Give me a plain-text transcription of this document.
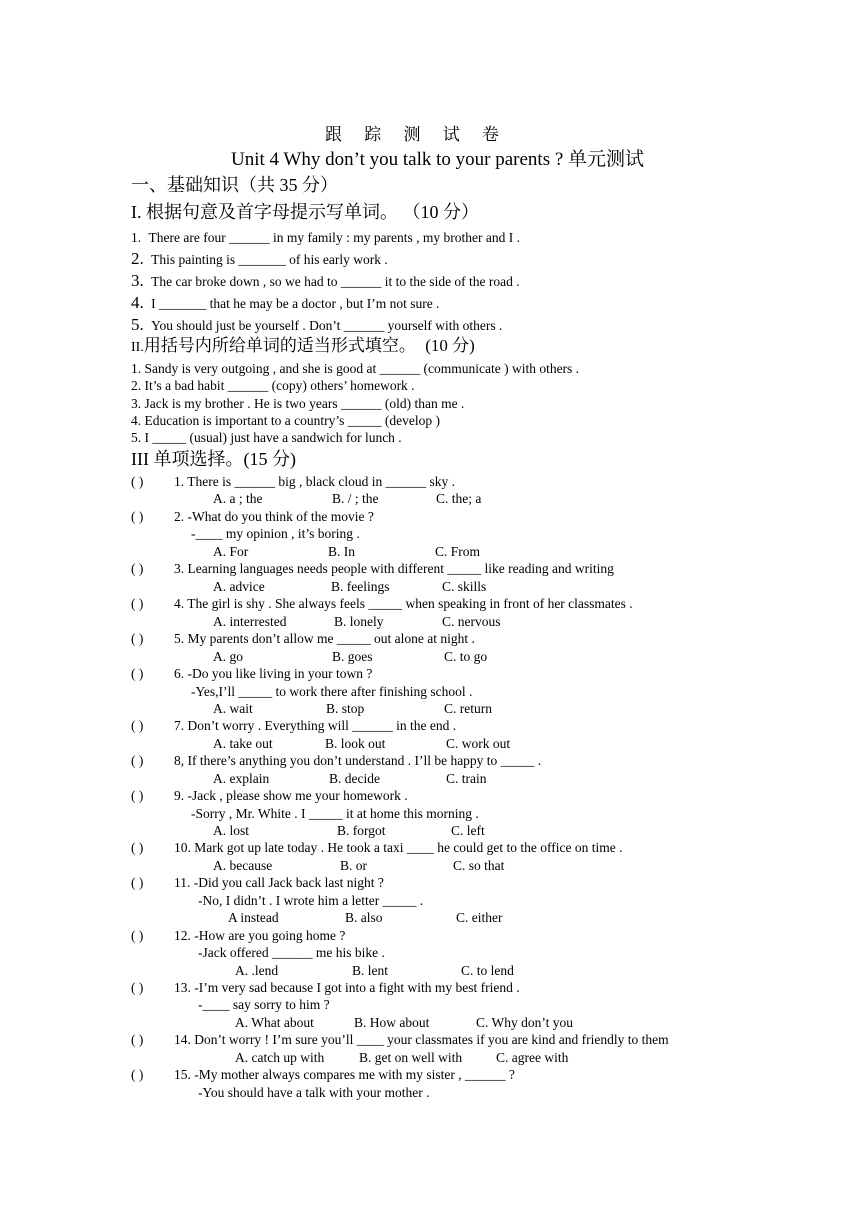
跟 踪 测 试 卷
Unit 4 Why don’t you talk to your parents ? 单元测试
一、基础知识（共 35 分）
I. 根据句意及首字母提示写单词。 （10 分）
1. There are four ______ in my family : my parents , my brother and I .
2. This painting is _______ of his early work .
3. The car broke down , so we had to ______ it to the side of the road .
4. I _______ that he may be a doctor , but I’m not sure .
5. You should just be yourself . Don’t ______ yourself with others .
II.用括号内所给单词的适当形式填空。 (10 分)
1. Sandy is very outgoing , and she is good at ______ (communicate ) with others .
2. It’s a bad habit ______ (copy) others’ homework .
3. Jack is my brother . He is two years ______ (old) than me .
4. Education is important to a country’s _____ (develop )
5. I _____ (usual) just have a sandwich for lunch .
III 单项选择。(15 分)
( ) 1. There is ______ big , black cloud in ______ sky .
A. a ; the	B. / ; the	C. the; a
( ) 2. -What do you think of the movie ?
-____ my opinion , it’s boring .
A. For	B. In	C. From
( ) 3. Learning languages needs people with different _____ like reading and writing
A. advice	B. feelings	C. skills
( ) 4. The girl is shy . She always feels _____ when speaking in front of her classmates .
A. interrested	B. lonely	C. nervous
( ) 5. My parents don’t allow me _____ out alone at night .
A. go	B. goes	C. to go
( ) 6. -Do you like living in your town ?
-Yes,I’ll _____ to work there after finishing school .
A. wait	B. stop	C. return
( ) 7. Don’t worry . Everything will ______ in the end .
A. take out	B. look out	C. work out
( ) 8, If there’s anything you don’t understand . I’ll be happy to _____ .
A. explain	B. decide	C. train
( ) 9. -Jack , please show me your homework .
-Sorry , Mr. White . I _____ it at home this morning .
A. lost	B. forgot	C. left
( ) 10. Mark got up late today . He took a taxi ____ he could get to the office on time .
A. because	B. or	C. so that
( ) 11. -Did you call Jack back last night ?
-No, I didn’t . I wrote him a letter _____ .
A instead	B. also	C. either
( ) 12. -How are you going home ?
-Jack offered ______ me his bike .
A. .lend	B. lent	C. to lend
( ) 13. -I’m very sad because I got into a fight with my best friend .
-____ say sorry to him ?
A. What about	B. How about	C. Why don’t you
( ) 14. Don’t worry ! I’m sure you’ll ____ your classmates if you are kind and friendly to them
A. catch up with	B. get on well with	C. agree with
( ) 15. -My mother always compares me with my sister , ______ ?
-You should have a talk with your mother .
